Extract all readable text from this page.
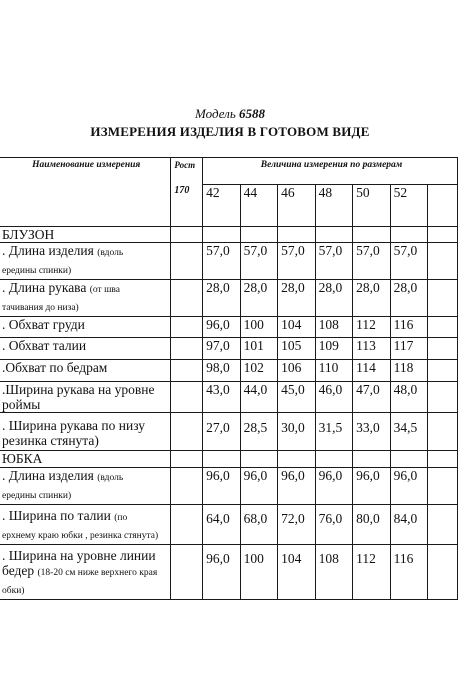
Модель 6588
ИЗМЕРЕНИЯ ИЗДЕЛИЯ В ГОТОВОМ ВИДЕ
Наименование измерения	Рост
170	Величина измерения по размерам						
		42	44	46	48	50	52	
БЛУЗОН								
. Длина изделия (вдоль
ередины спинки)		57,0	57,0	57,0	57,0	57,0	57,0	
. Длина рукава (от шва
тачивания до низа)		28,0	28,0	28,0	28,0	28,0	28,0	
. Обхват груди		96,0	100	104	108	112	116	
. Обхват талии		97,0	101	105	109	113	117	
.Обхват по бедрам		98,0	102	106	110	114	118	
.Ширина рукава на уровне
роймы		43,0	44,0	45,0	46,0	47,0	48,0	
. Ширина рукава по низу
резинка стянута)		27,0	28,5	30,0	31,5	33,0	34,5	
ЮБКА								
. Длина изделия (вдоль
ередины спинки)		96,0	96,0	96,0	96,0	96,0	96,0	
. Ширина по талии (по
ерхнему краю юбки , резинка стянута)		64,0	68,0	72,0	76,0	80,0	84,0	
. Ширина на уровне линии
бедер (18-20 см ниже верхнего края
обки)		96,0	100	104	108	112	116	
